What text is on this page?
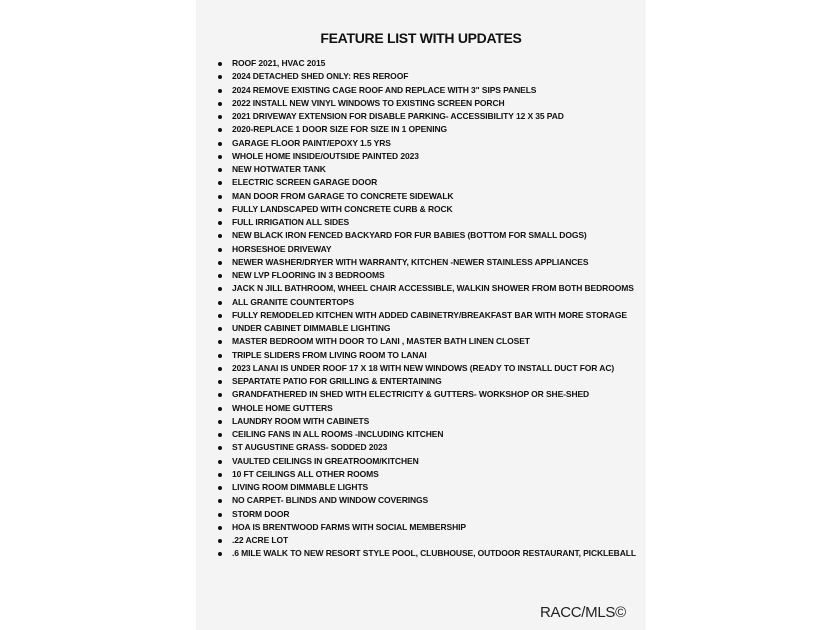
FEATURE LIST WITH UPDATES
ROOF 2021, HVAC 2015
2024 DETACHED SHED ONLY: RES REROOF
2024 REMOVE EXISTING CAGE ROOF AND REPLACE WITH 3" SIPS PANELS
2022 INSTALL NEW VINYL WINDOWS TO EXISTING SCREEN PORCH
2021 DRIVEWAY EXTENSION FOR DISABLE PARKING- ACCESSIBILITY 12 X 35 PAD
2020-REPLACE 1 DOOR SIZE FOR SIZE IN 1 OPENING
GARAGE FLOOR PAINT/EPOXY 1.5 YRS
WHOLE HOME INSIDE/OUTSIDE PAINTED 2023
NEW HOTWATER TANK
ELECTRIC SCREEN GARAGE DOOR
MAN DOOR FROM GARAGE TO CONCRETE SIDEWALK
FULLY LANDSCAPED WITH CONCRETE CURB & ROCK
FULL IRRIGATION ALL SIDES
NEW BLACK IRON FENCED BACKYARD FOR FUR BABIES (BOTTOM FOR SMALL DOGS)
HORSESHOE DRIVEWAY
NEWER WASHER/DRYER WITH WARRANTY, KITCHEN -NEWER STAINLESS APPLIANCES
NEW LVP FLOORING IN 3 BEDROOMS
JACK N JILL BATHROOM, WHEEL CHAIR ACCESSIBLE, WALKIN SHOWER FROM BOTH BEDROOMS
ALL GRANITE COUNTERTOPS
FULLY REMODELED KITCHEN WITH ADDED CABINETRY/BREAKFAST BAR WITH MORE STORAGE
UNDER CABINET DIMMABLE LIGHTING
MASTER BEDROOM WITH DOOR TO LANI , MASTER BATH LINEN CLOSET
TRIPLE SLIDERS FROM LIVING ROOM TO LANAI
2023 LANAI IS UNDER ROOF 17 X 18 WITH NEW WINDOWS (READY TO INSTALL DUCT FOR AC)
SEPARTATE PATIO FOR GRILLING & ENTERTAINING
GRANDFATHERED IN SHED WITH ELECTRICITY & GUTTERS- WORKSHOP OR SHE-SHED
WHOLE HOME GUTTERS
LAUNDRY ROOM WITH CABINETS
CEILING FANS IN ALL ROOMS -INCLUDING KITCHEN
ST AUGUSTINE GRASS- SODDED 2023
VAULTED CEILINGS IN GREATROOM/KITCHEN
10 FT CEILINGS ALL OTHER ROOMS
LIVING ROOM DIMMABLE LIGHTS
NO CARPET- BLINDS AND WINDOW COVERINGS
STORM DOOR
HOA IS BRENTWOOD FARMS WITH SOCIAL MEMBERSHIP
.22 ACRE LOT
.6 MILE WALK TO NEW RESORT STYLE POOL, CLUBHOUSE, OUTDOOR RESTAURANT, PICKLEBALL
RACC/MLS©
